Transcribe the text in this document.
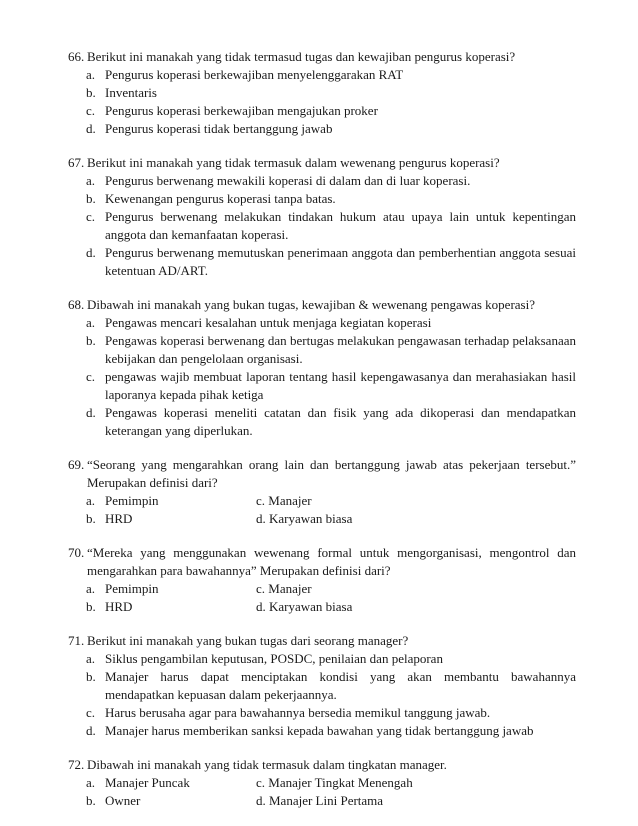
66. Berikut ini manakah yang tidak termasud tugas dan kewajiban pengurus koperasi?
a. Pengurus koperasi berkewajiban menyelenggarakan RAT
b. Inventaris
c. Pengurus koperasi berkewajiban mengajukan proker
d. Pengurus koperasi tidak bertanggung jawab
67. Berikut ini manakah yang tidak termasuk dalam wewenang pengurus koperasi?
a. Pengurus berwenang mewakili koperasi di dalam dan di luar koperasi.
b. Kewenangan pengurus koperasi tanpa batas.
c. Pengurus berwenang melakukan tindakan hukum atau upaya lain untuk kepentingan anggota dan kemanfaatan koperasi.
d. Pengurus berwenang memutuskan penerimaan anggota dan pemberhentian anggota sesuai ketentuan AD/ART.
68. Dibawah ini manakah yang bukan tugas, kewajiban & wewenang pengawas koperasi?
a. Pengawas mencari kesalahan untuk menjaga kegiatan koperasi
b. Pengawas koperasi berwenang dan bertugas melakukan pengawasan terhadap pelaksanaan kebijakan dan pengelolaan organisasi.
c. pengawas wajib membuat laporan tentang hasil kepengawasanya dan merahasiakan hasil laporanya kepada pihak ketiga
d. Pengawas koperasi meneliti catatan dan fisik yang ada dikoperasi dan mendapatkan keterangan yang diperlukan.
69. “Seorang yang mengarahkan orang lain dan bertanggung jawab atas pekerjaan tersebut.” Merupakan definisi dari?
a. Pemimpin	c. Manajer
b. HRD	d. Karyawan biasa
70. “Mereka yang menggunakan wewenang formal untuk mengorganisasi, mengontrol dan mengarahkan para bawahannya” Merupakan definisi dari?
a. Pemimpin	c. Manajer
b. HRD	d. Karyawan biasa
71. Berikut ini manakah yang bukan tugas dari seorang manager?
a. Siklus pengambilan keputusan, POSDC, penilaian dan pelaporan
b. Manajer harus dapat menciptakan kondisi yang akan membantu bawahannya mendapatkan kepuasan dalam pekerjaannya.
c. Harus berusaha agar para bawahannya bersedia memikul tanggung jawab.
d. Manajer harus memberikan sanksi kepada bawahan yang tidak bertanggung jawab
72. Dibawah ini manakah yang tidak termasuk dalam tingkatan manager.
a. Manajer Puncak	c. Manajer Tingkat Menengah
b. Owner	d. Manajer Lini Pertama
